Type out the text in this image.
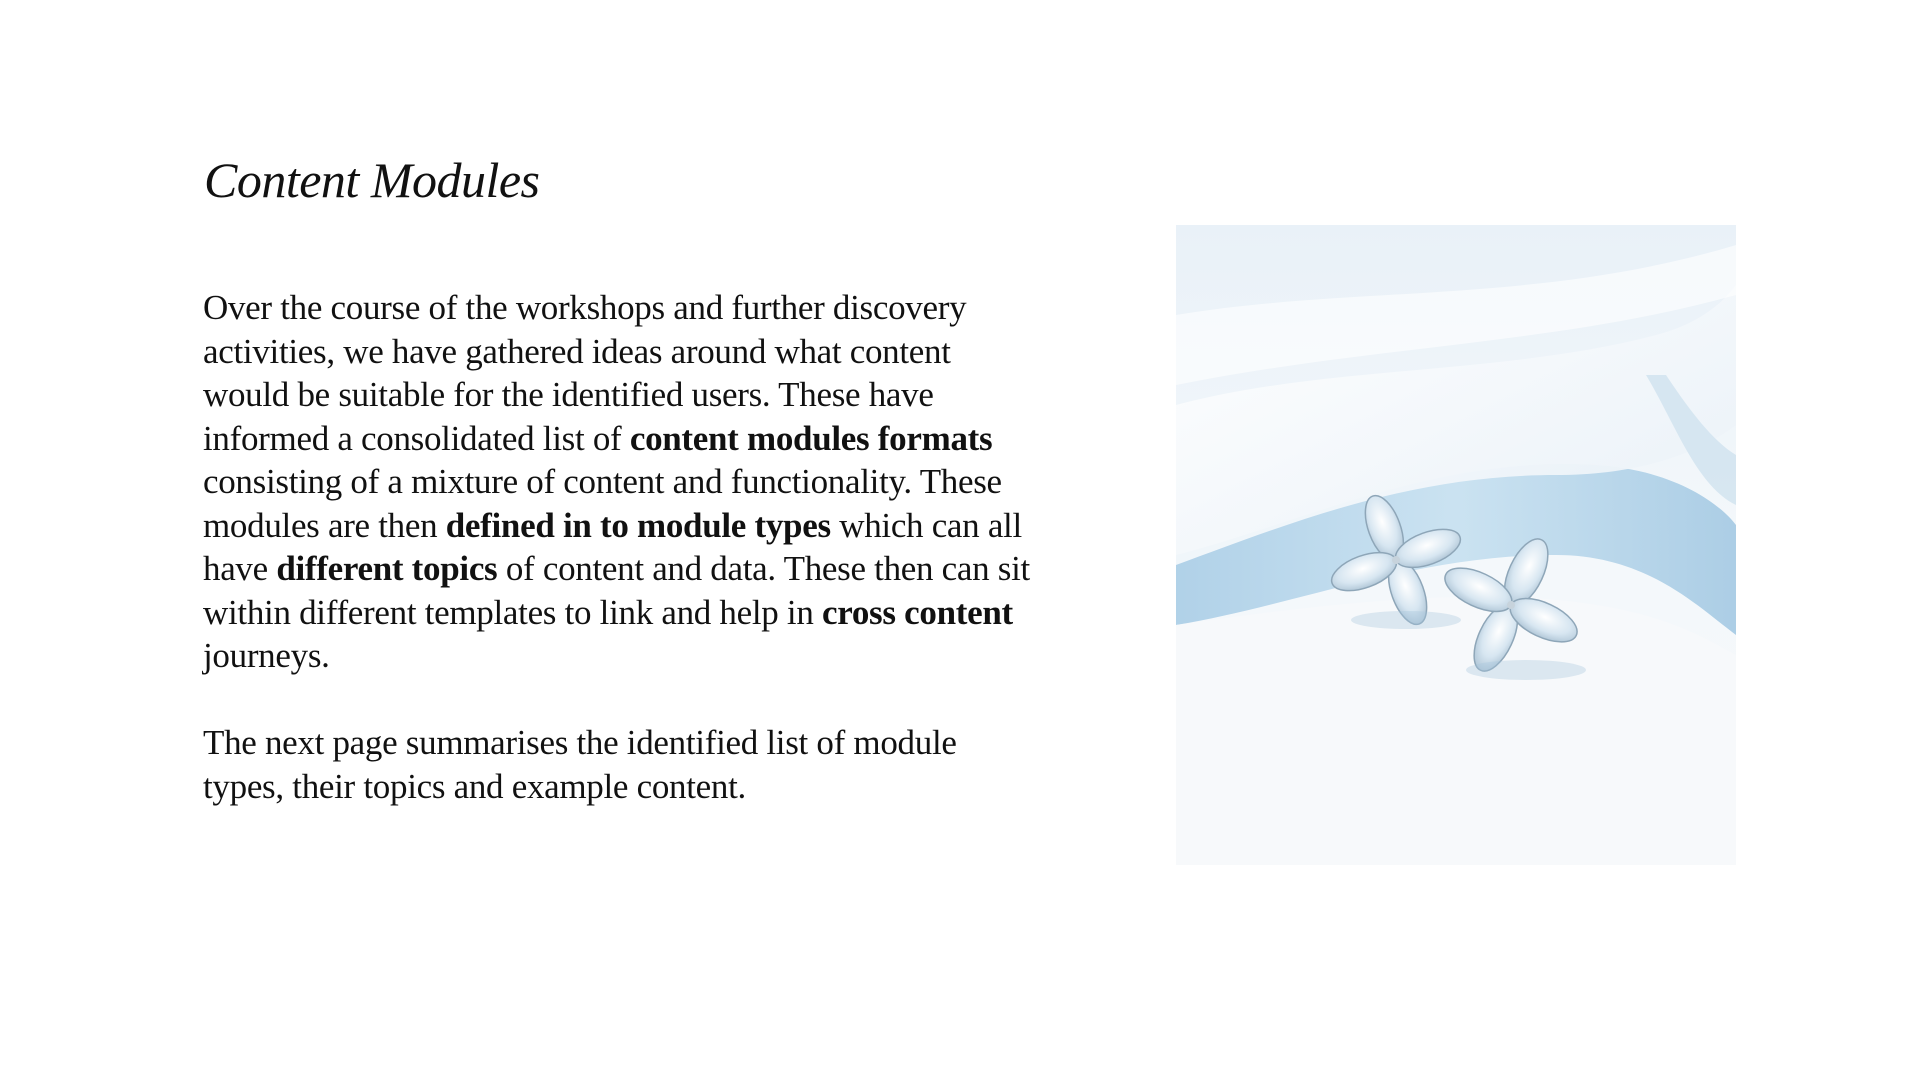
Content Modules

Over the course of the workshops and further discovery activities, we have gathered ideas around what content would be suitable for the identified users. These have informed a consolidated list of content modules formats consisting of a mixture of content and functionality. These modules are then defined in to module types which can all have different topics of content and data. These then can sit within different templates to link and help in cross content journeys.

The next page summarises the identified list of module types, their topics and example content.
